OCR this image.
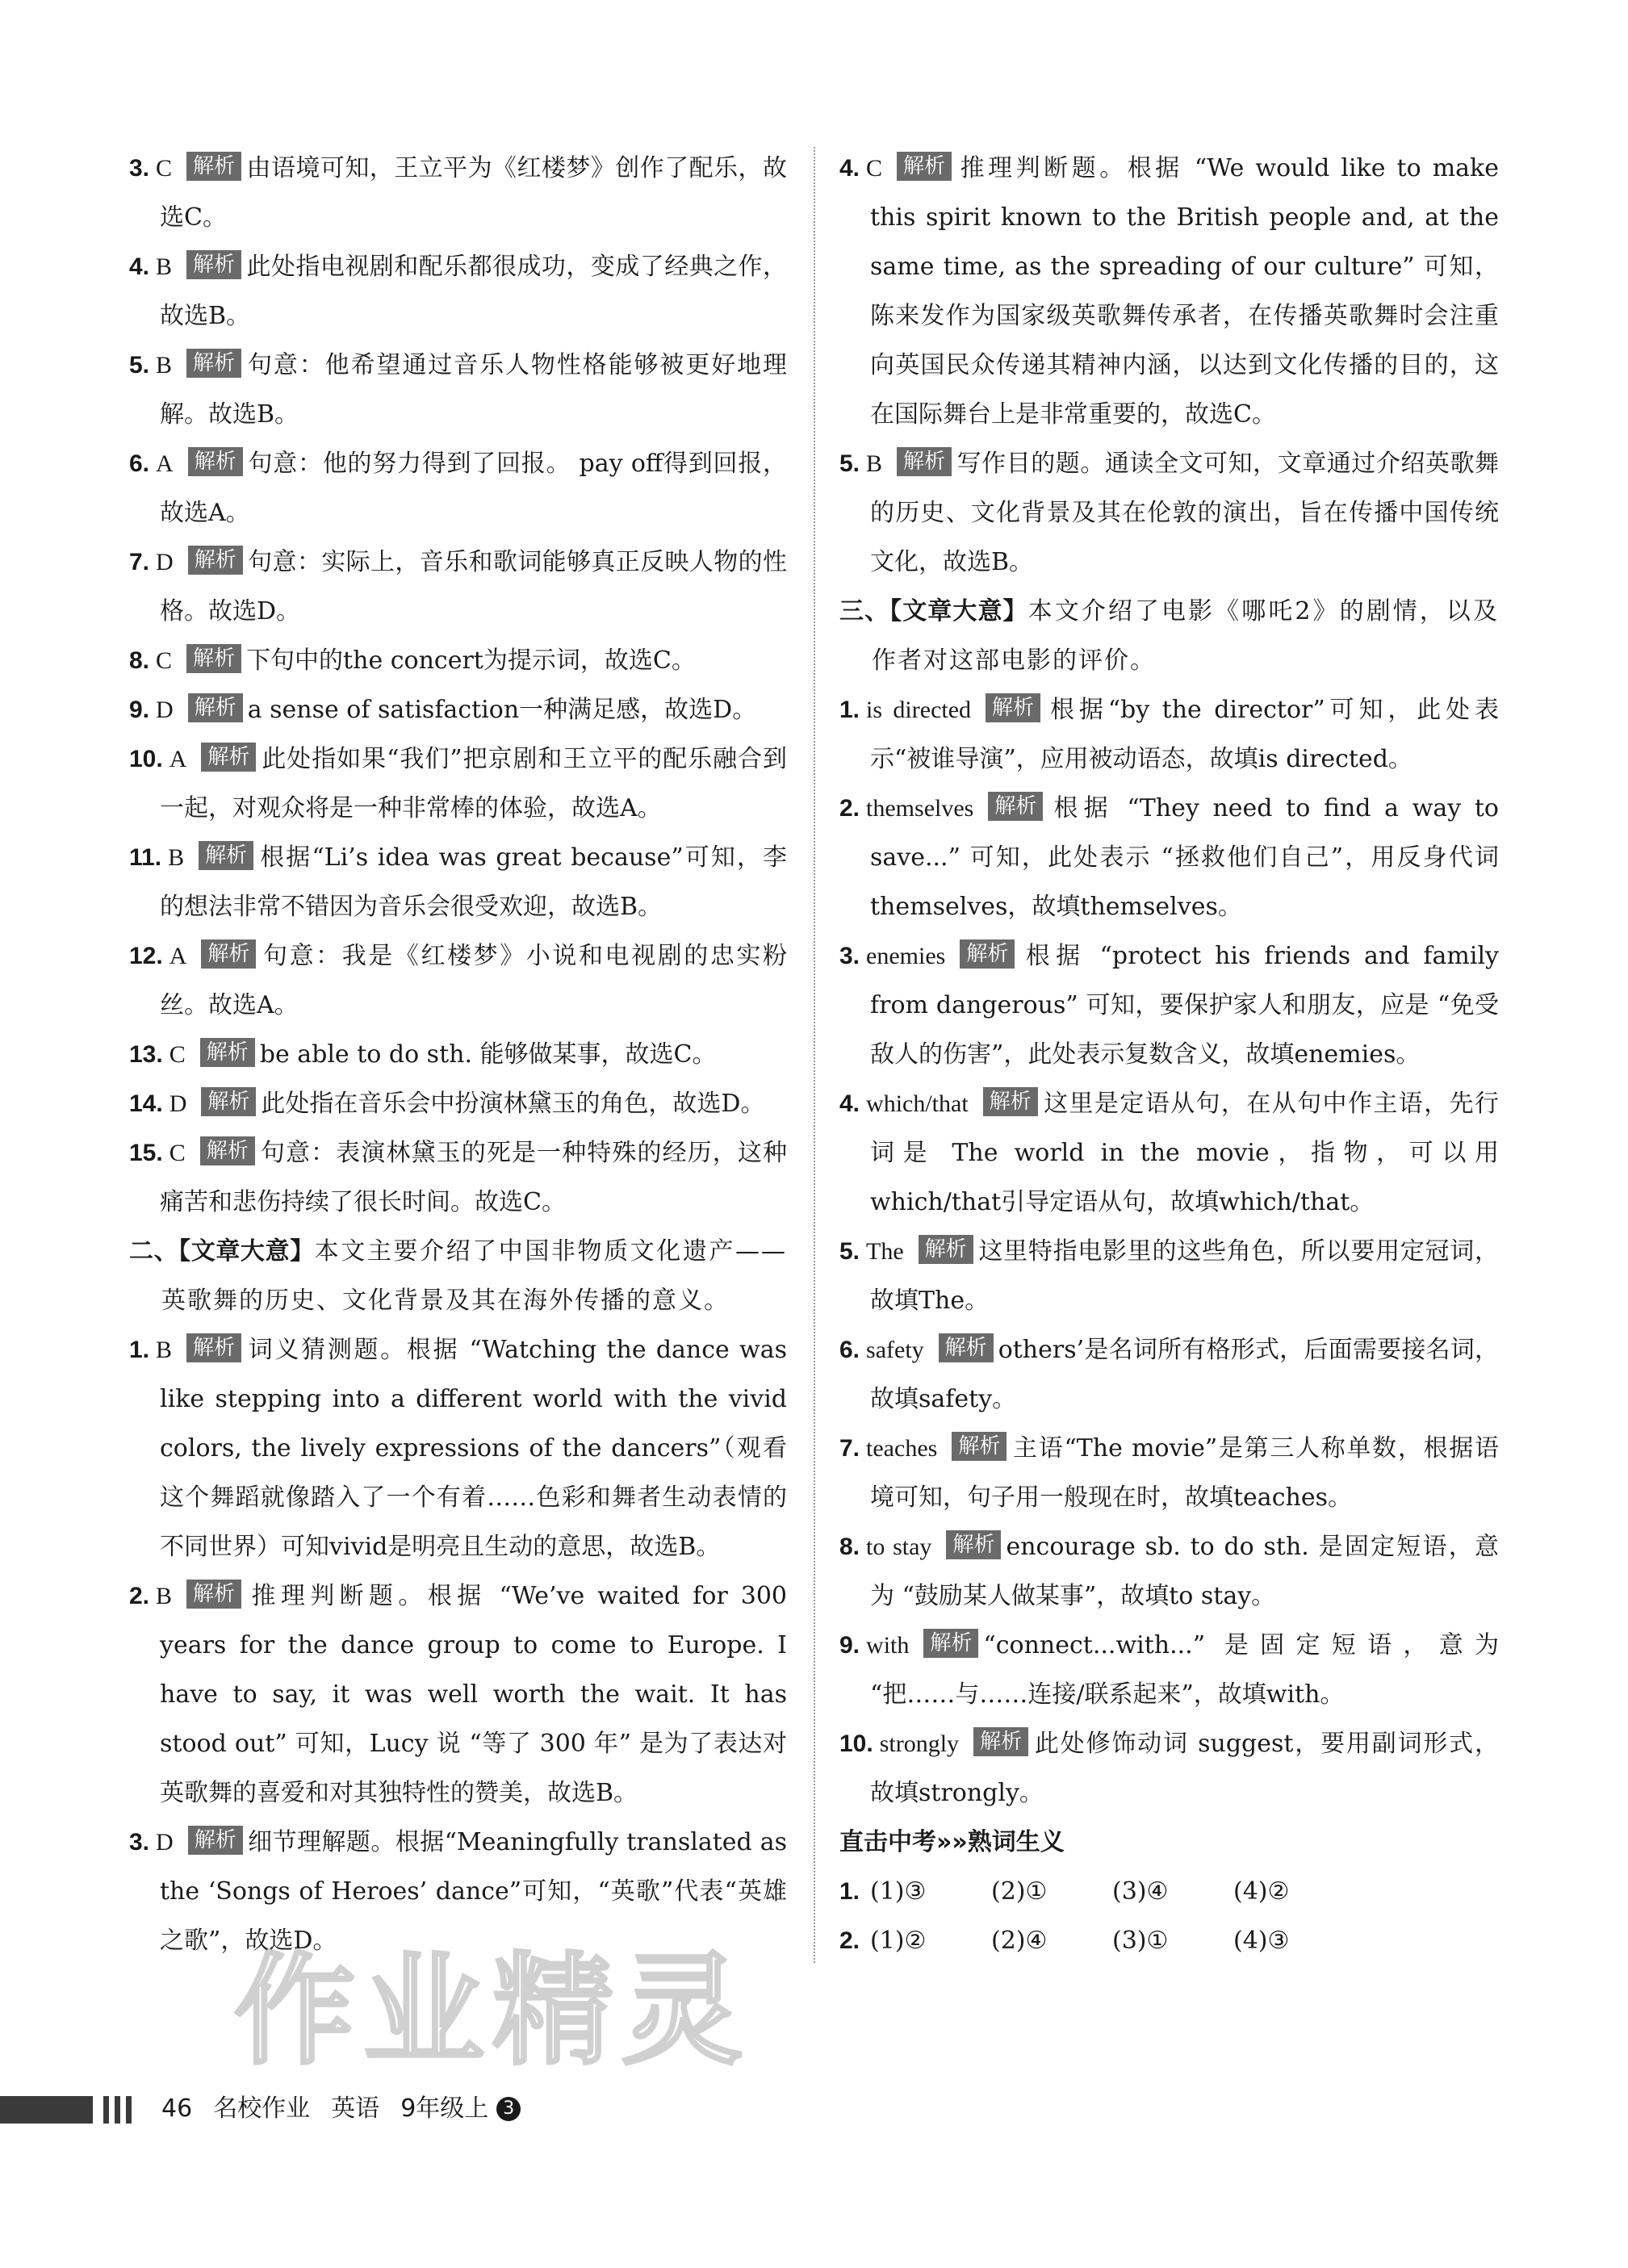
3. C 解析 由语境可知，王立平为《红楼梦》创作了配乐，故选C。
4. B 解析 此处指电视剧和配乐都很成功，变成了经典之作，故选B。
5. B 解析 句意：他希望通过音乐人物性格能够被更好地理解。故选B。
6. A 解析 句意：他的努力得到了回报。 pay off得到回报，故选A。
7. D 解析 句意：实际上，音乐和歌词能够真正反映人物的性格。故选D。
8. C 解析 下句中的the concert为提示词，故选C。
9. D 解析 a sense of satisfaction一种满足感，故选D。
10. A 解析 此处指如果“我们”把京剧和王立平的配乐融合到一起，对观众将是一种非常棒的体验，故选A。
11. B 解析 根据“Li’s idea was great because”可知，李的想法非常不错因为音乐会很受欢迎，故选B。
12. A 解析 句意：我是《红楼梦》小说和电视剧的忠实粉丝。故选A。
13. C 解析 be able to do sth. 能够做某事，故选C。
14. D 解析 此处指在音乐会中扮演林黛玉的角色，故选D。
15. C 解析 句意：表演林黛玉的死是一种特殊的经历，这种痛苦和悲伤持续了很长时间。故选C。
二、【文章大意】本文主要介绍了中国非物质文化遗产——英歌舞的历史、文化背景及其在海外传播的意义。
1. B 解析 词义猜测题。根据 “Watching the dance was like stepping into a different world with the vivid colors, the lively expressions of the dancers”（观看这个舞蹈就像踏入了一个有着……色彩和舞者生动表情的不同世界）可知vivid是明亮且生动的意思，故选B。
2. B 解析 推理判断题。根据 “We’ve waited for 300 years for the dance group to come to Europe. I have to say, it was well worth the wait. It has stood out” 可知，Lucy 说 “等了 300 年” 是为了表达对英歌舞的喜爱和对其独特性的赞美，故选B。
3. D 解析 细节理解题。根据“Meaningfully translated as the ‘Songs of Heroes’ dance”可知，“英歌”代表“英雄之歌”，故选D。
4. C 解析 推理判断题。根据 “We would like to make this spirit known to the British people and, at the same time, as the spreading of our culture” 可知，陈来发作为国家级英歌舞传承者，在传播英歌舞时会注重向英国民众传递其精神内涵，以达到文化传播的目的，这在国际舞台上是非常重要的，故选C。
5. B 解析 写作目的题。通读全文可知，文章通过介绍英歌舞的历史、文化背景及其在伦敦的演出，旨在传播中国传统文化，故选B。
三、【文章大意】本文介绍了电影《哪吒2》的剧情，以及作者对这部电影的评价。
1. is directed 解析 根据“by the director”可知，此处表示“被谁导演”，应用被动语态，故填is directed。
2. themselves 解析 根据 “They need to find a way to save...” 可知，此处表示 “拯救他们自己”，用反身代词themselves，故填themselves。
3. enemies 解析 根据 “protect his friends and family from dangerous” 可知，要保护家人和朋友，应是 “免受敌人的伤害”，此处表示复数含义，故填enemies。
4. which/that 解析 这里是定语从句，在从句中作主语，先行词是 The world in the movie，指物，可以用 which/that引导定语从句，故填which/that。
5. The 解析 这里特指电影里的这些角色，所以要用定冠词，故填The。
6. safety 解析 others’是名词所有格形式，后面需要接名词，故填safety。
7. teaches 解析 主语“The movie”是第三人称单数，根据语境可知，句子用一般现在时，故填teaches。
8. to stay 解析 encourage sb. to do sth. 是固定短语，意为 “鼓励某人做某事”，故填to stay。
9. with 解析 “connect...with...” 是固定短语，意为 “把……与……连接/联系起来”，故填with。
10. strongly 解析 此处修饰动词 suggest，要用副词形式，故填strongly。
直击中考»»熟词生义
1. (1)③	(2)①	(3)④	(4)②
2. (1)②	(2)④	(3)①	(4)③
作业精灵
46 名校作业 英语 9年级上 3
